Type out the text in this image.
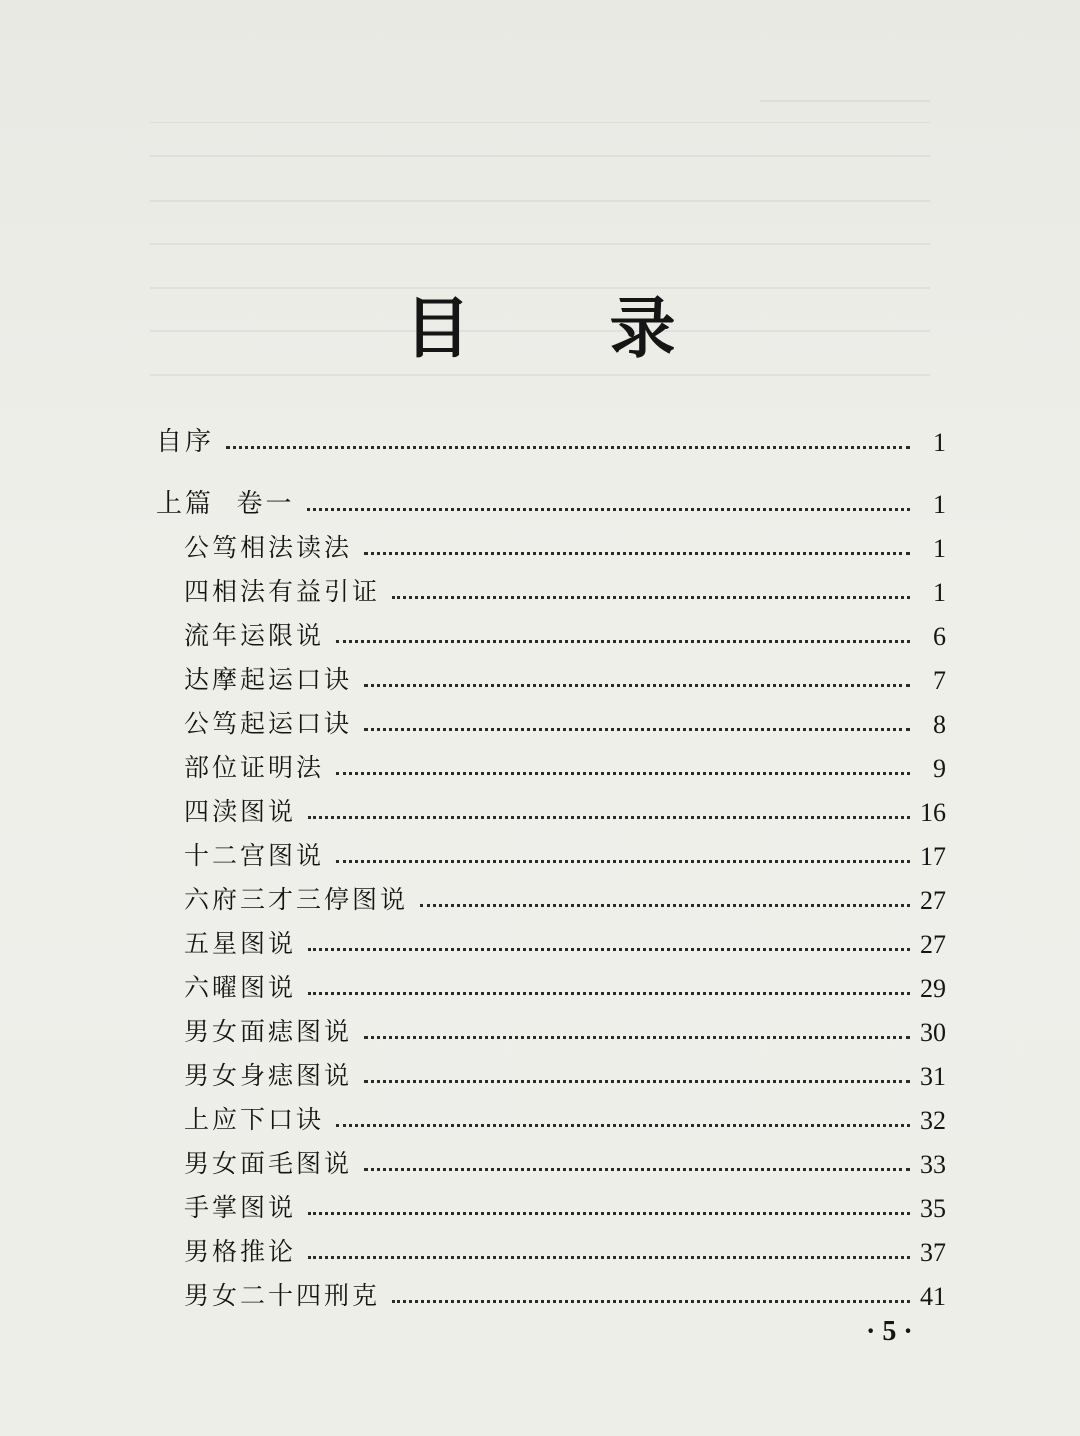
目 录
自序	1
上篇  卷一	1
公笃相法读法	1
四相法有益引证	1
流年运限说	6
达摩起运口诀	7
公笃起运口诀	8
部位证明法	9
四渎图说	16
十二宫图说	17
六府三才三停图说	27
五星图说	27
六曜图说	29
男女面痣图说	30
男女身痣图说	31
上应下口诀	32
男女面毛图说	33
手掌图说	35
男格推论	37
男女二十四刑克	41
· 5 ·
